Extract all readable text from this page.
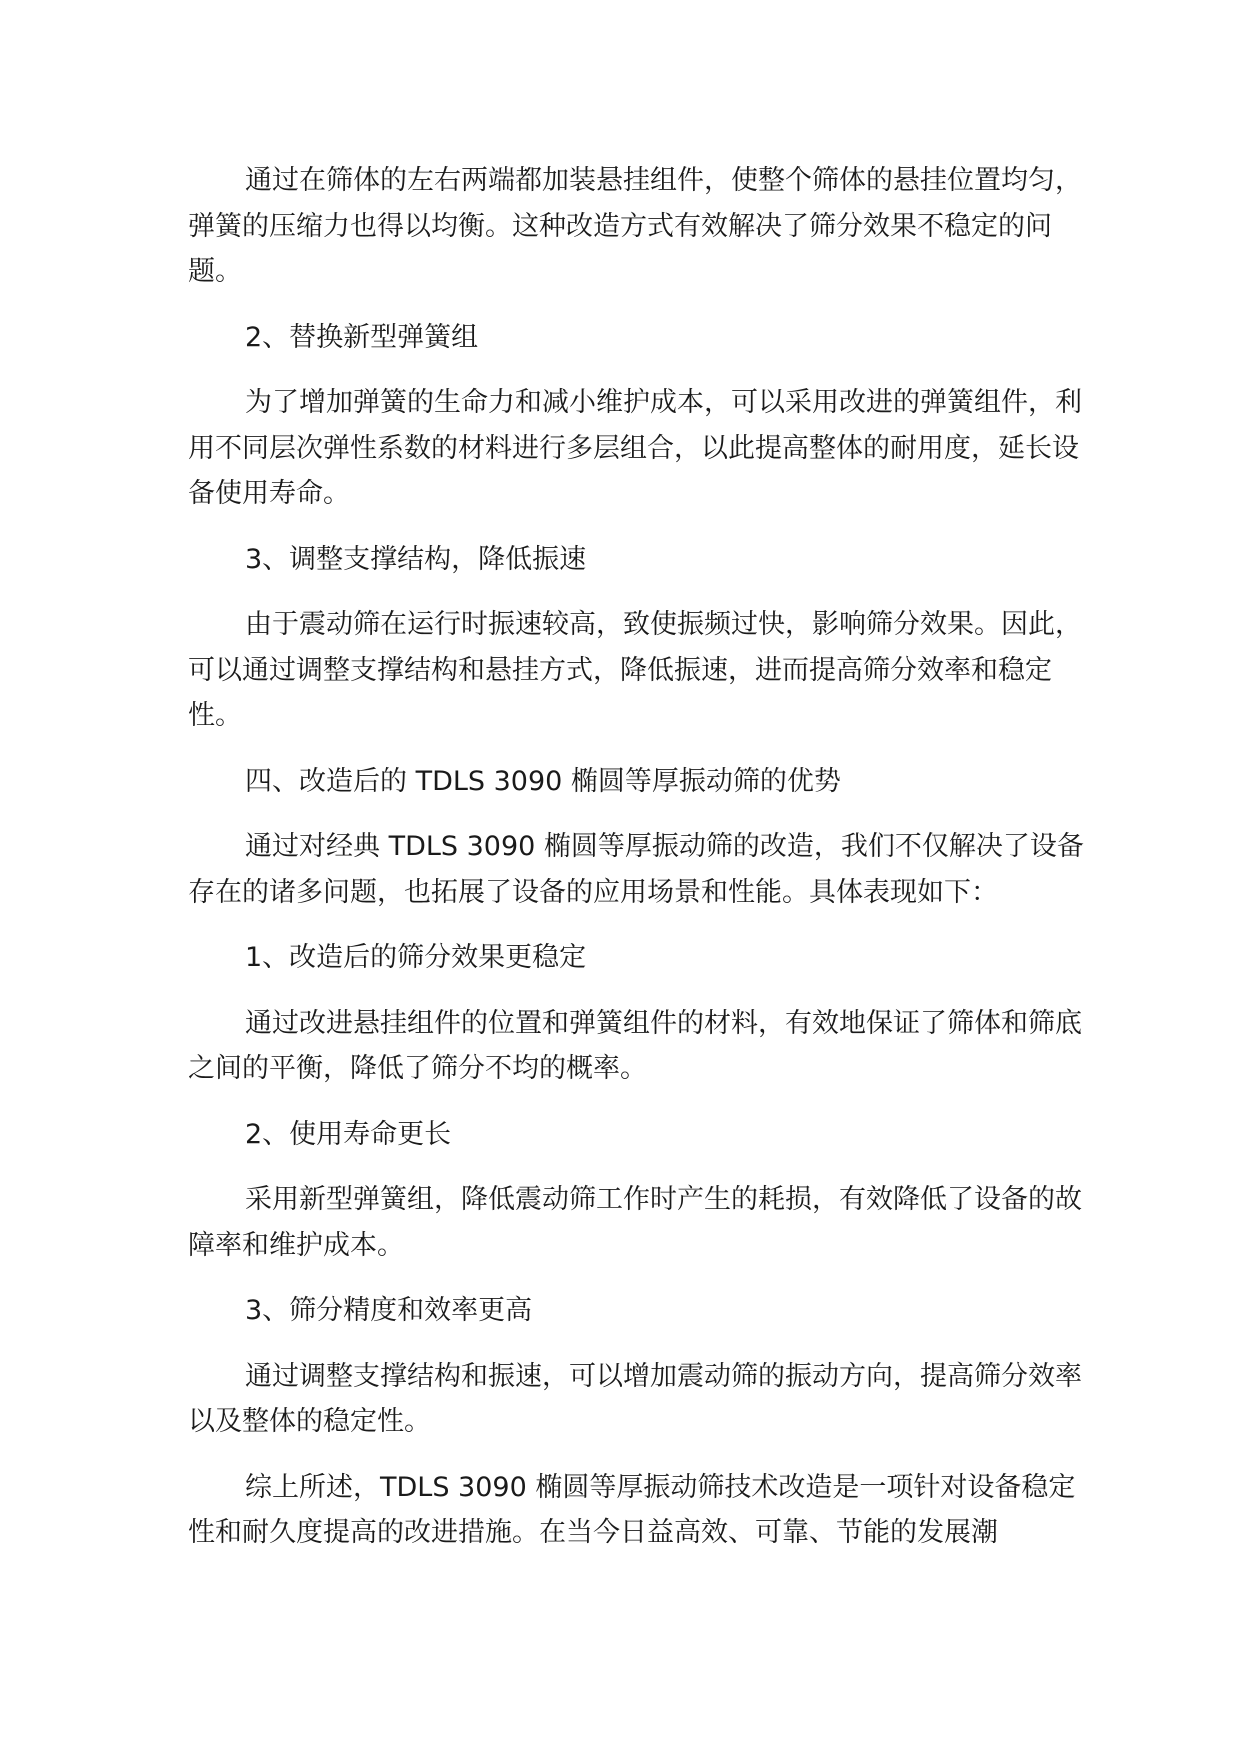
通过在筛体的左右两端都加装悬挂组件，使整个筛体的悬挂位置均匀，弹簧的压缩力也得以均衡。这种改造方式有效解决了筛分效果不稳定的问题。

2、替换新型弹簧组

为了增加弹簧的生命力和减小维护成本，可以采用改进的弹簧组件，利用不同层次弹性系数的材料进行多层组合，以此提高整体的耐用度，延长设备使用寿命。

3、调整支撑结构，降低振速

由于震动筛在运行时振速较高，致使振频过快，影响筛分效果。因此，可以通过调整支撑结构和悬挂方式，降低振速，进而提高筛分效率和稳定性。

四、改造后的 TDLS 3090 椭圆等厚振动筛的优势

通过对经典 TDLS 3090 椭圆等厚振动筛的改造，我们不仅解决了设备存在的诸多问题，也拓展了设备的应用场景和性能。具体表现如下：

1、改造后的筛分效果更稳定

通过改进悬挂组件的位置和弹簧组件的材料，有效地保证了筛体和筛底之间的平衡，降低了筛分不均的概率。

2、使用寿命更长

采用新型弹簧组，降低震动筛工作时产生的耗损，有效降低了设备的故障率和维护成本。

3、筛分精度和效率更高

通过调整支撑结构和振速，可以增加震动筛的振动方向，提高筛分效率以及整体的稳定性。

综上所述，TDLS 3090 椭圆等厚振动筛技术改造是一项针对设备稳定性和耐久度提高的改进措施。在当今日益高效、可靠、节能的发展潮
